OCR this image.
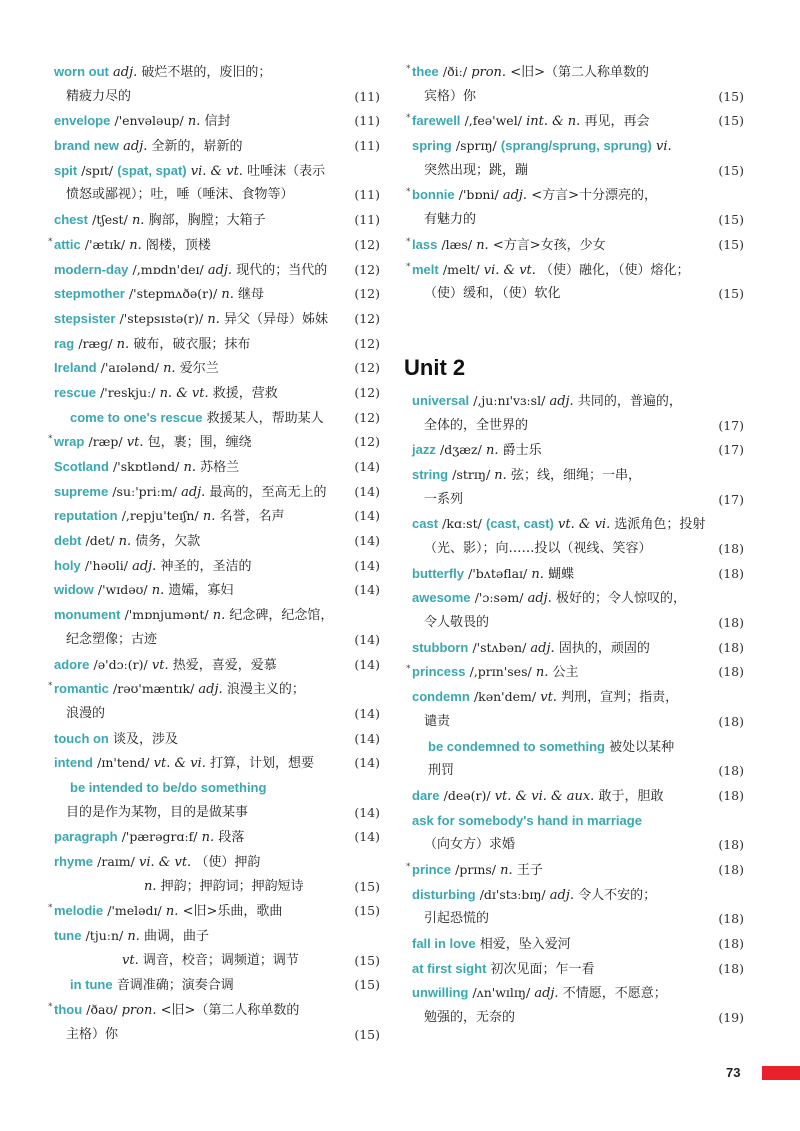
worn out adj. 破烂不堪的，废旧的；
精疲力尽的	(11)
envelope /'envələup/ n. 信封	(11)
brand new adj. 全新的，崭新的	(11)
spit /spɪt/ (spat, spat) vi. & vt. 吐唾沫（表示
愤怒或鄙视）；吐，唾（唾沫、食物等）	(11)
chest /tʃest/ n. 胸部，胸膛；大箱子	(11)
* attic /'ætɪk/ n. 阁楼，顶楼	(12)
modern-day /,mɒdn'deɪ/ adj. 现代的；当代的 (12)
stepmother /'stepmʌðə(r)/ n. 继母	(12)
stepsister /'stepsɪstə(r)/ n. 异父（异母）姊妹 (12)
rag /ræg/ n. 破布，破衣服；抹布	(12)
Ireland /'aɪələnd/ n. 爱尔兰	(12)
rescue /'reskjuː/ n. & vt. 救援，营救	(12)
come to one's rescue 救援某人，帮助某人 (12)
* wrap /ræp/ vt. 包，裹；围，缠绕	(12)
Scotland /'skɒtlənd/ n. 苏格兰	(14)
supreme /suː'priːm/ adj. 最高的，至高无上的 (14)
reputation /,repju'teɪʃn/ n. 名誉，名声	(14)
debt /det/ n. 债务，欠款	(14)
holy /'həʊli/ adj. 神圣的，圣洁的	(14)
widow /'wɪdəʊ/ n. 遗孀，寡妇	(14)
monument /'mɒnjumənt/ n. 纪念碑，纪念馆，
纪念塑像；古迹	(14)
adore /ə'dɔː(r)/ vt. 热爱，喜爱，爱慕	(14)
* romantic /rəʊ'mæntɪk/ adj. 浪漫主义的；
浪漫的	(14)
touch on 谈及，涉及	(14)
intend /ɪn'tend/ vt. & vi. 打算，计划，想要	(14)
be intended to be/do something
目的是作为某物，目的是做某事	(14)
paragraph /'pærəgrɑːf/ n. 段落	(14)
rhyme /raɪm/ vi. & vt. （使）押韵
n. 押韵；押韵词；押韵短诗	(15)
* melodie /'melədɪ/ n. <旧>乐曲，歌曲	(15)
tune /tjuːn/ n. 曲调，曲子
vt. 调音，校音；调频道；调节	(15)
in tune 音调准确；演奏合调	(15)
* thou /ðaʊ/ pron. <旧>（第二人称单数的
主格）你	(15)
* thee /ðiː/ pron. <旧>（第二人称单数的
宾格）你	(15)
* farewell /,feə'wel/ int. & n. 再见，再会	(15)
spring /sprɪŋ/ (sprang/sprung, sprung) vi.
突然出现；跳，蹦	(15)
* bonnie /'bɒni/ adj. <方言>十分漂亮的，
有魅力的	(15)
* lass /læs/ n. <方言>女孩，少女	(15)
* melt /melt/ vi. & vt. （使）融化，（使）熔化；
（使）缓和，（使）软化	(15)
Unit 2
universal /,juːnɪ'vɜːsl/ adj. 共同的，普遍的，
全体的，全世界的	(17)
jazz /dʒæz/ n. 爵士乐	(17)
string /strɪŋ/ n. 弦；线，细绳；一串，
一系列	(17)
cast /kɑːst/ (cast, cast) vt. & vi. 选派角色；投射
（光、影）；向……投以（视线、笑容）	(18)
butterfly /'bʌtəflaɪ/ n. 蝴蝶	(18)
awesome /'ɔːsəm/ adj. 极好的；令人惊叹的，
令人敬畏的	(18)
stubborn /'stʌbən/ adj. 固执的，顽固的	(18)
* princess /,prɪn'ses/ n. 公主	(18)
condemn /kən'dem/ vt. 判刑，宣判；指责，
谴责	(18)
be condemned to something 被处以某种
刑罚	(18)
dare /deə(r)/ vt. & vi. & aux. 敢于，胆敢	(18)
ask for somebody's hand in marriage
（向女方）求婚	(18)
* prince /prɪns/ n. 王子	(18)
disturbing /dɪ'stɜːbɪŋ/ adj. 令人不安的；
引起恐慌的	(18)
fall in love 相爱，坠入爱河	(18)
at first sight 初次见面；乍一看	(18)
unwilling /ʌn'wɪlɪŋ/ adj. 不情愿，不愿意；
勉强的，无奈的	(19)
73
